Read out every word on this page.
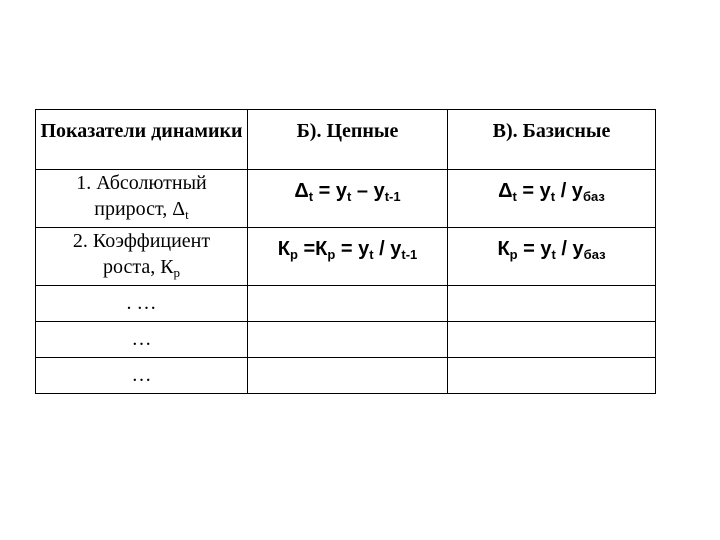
Показатели динамики	Б). Цепные	В). Базисные
1. Абсолютный
прирост, $\Delta_t$	$\Delta_t = y_t - y_{t-1}$	$\Delta_t = y_t / y_{баз}$
2. Коэффициент
роста, $К_р$	$К_р =К_р = y_t / y_{t-1}$	$К_р = y_t / y_{баз}$
. …		
…		
…		
